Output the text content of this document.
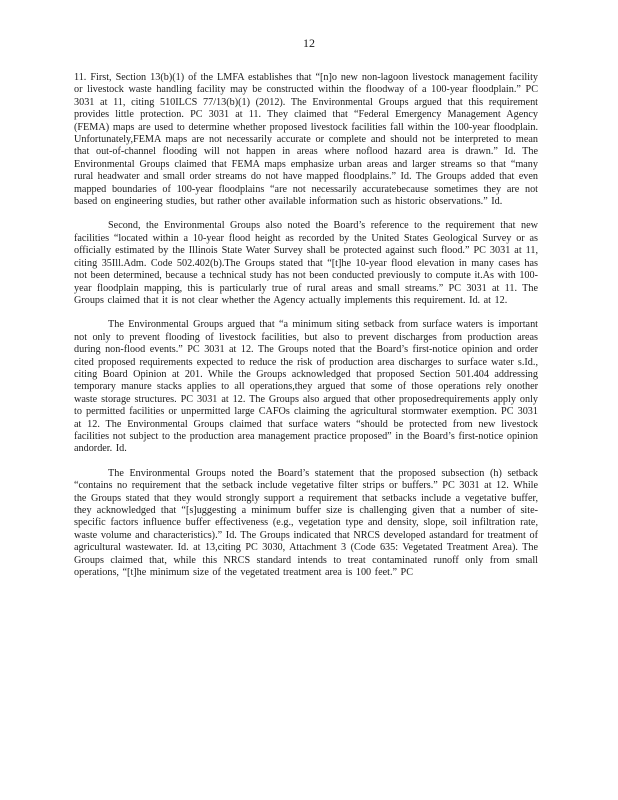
12

11. First, Section 13(b)(1) of the LMFA establishes that “[n]o new non-lagoon livestock management facility or livestock waste handling facility may be constructed within the floodway of a 100-year floodplain.” PC 3031 at 11, citing 510ILCS 77/13(b)(1) (2012). The Environmental Groups argued that this requirement provides little protection. PC 3031 at 11. They claimed that “Federal Emergency Management Agency (FEMA) maps are used to determine whether proposed livestock facilities fall within the 100-year floodplain. Unfortunately,FEMA maps are not necessarily accurate or complete and should not be interpreted to mean that out-of-channel flooding will not happen in areas where noflood hazard area is drawn.” Id. The Environmental Groups claimed that FEMA maps emphasize urban areas and larger streams so that “many rural headwater and small order streams do not have mapped floodplains.” Id. The Groups added that even mapped boundaries of 100-year floodplains “are not necessarily accuratebecause sometimes they are not based on engineering studies, but rather other available information such as historic observations.” Id.

Second, the Environmental Groups also noted the Board’s reference to the requirement that new facilities “located within a 10-year flood height as recorded by the United States Geological Survey or as officially estimated by the Illinois State Water Survey shall be protected against such flood.” PC 3031 at 11, citing 35Ill.Adm. Code 502.402(b).The Groups stated that “[t]he 10-year flood elevation in many cases has not been determined, because a technical study has not been conducted previously to compute it.As with 100-year floodplain mapping, this is particularly true of rural areas and small streams.” PC 3031 at 11. The Groups claimed that it is not clear whether the Agency actually implements this requirement. Id. at 12.

The Environmental Groups argued that “a minimum siting setback from surface waters is important not only to prevent flooding of livestock facilities, but also to prevent discharges from production areas during non-flood events.” PC 3031 at 12. The Groups noted that the Board’s first-notice opinion and order cited proposed requirements expected to reduce the risk of production area discharges to surface water s.Id., citing Board Opinion at 201. While the Groups acknowledged that proposed Section 501.404 addressing temporary manure stacks applies to all operations,they argued that some of those operations rely onother waste storage structures. PC 3031 at 12. The Groups also argued that other proposedrequirements apply only to permitted facilities or unpermitted large CAFOs claiming the agricultural stormwater exemption. PC 3031 at 12. The Environmental Groups claimed that surface waters “should be protected from new livestock facilities not subject to the production area management practice proposed” in the Board’s first-notice opinion andorder. Id.

The Environmental Groups noted the Board’s statement that the proposed subsection (h) setback “contains no requirement that the setback include vegetative filter strips or buffers.” PC 3031 at 12. While the Groups stated that they would strongly support a requirement that setbacks include a vegetative buffer, they acknowledged that “[s]uggesting a minimum buffer size is challenging given that a number of site-specific factors influence buffer effectiveness (e.g., vegetation type and density, slope, soil infiltration rate, waste volume and characteristics).” Id. The Groups indicated that NRCS developed astandard for treatment of agricultural wastewater. Id. at 13,citing PC 3030, Attachment 3 (Code 635: Vegetated Treatment Area). The Groups claimed that, while this NRCS standard intends to treat contaminated runoff only from small operations, “[t]he minimum size of the vegetated treatment area is 100 feet.” PC
